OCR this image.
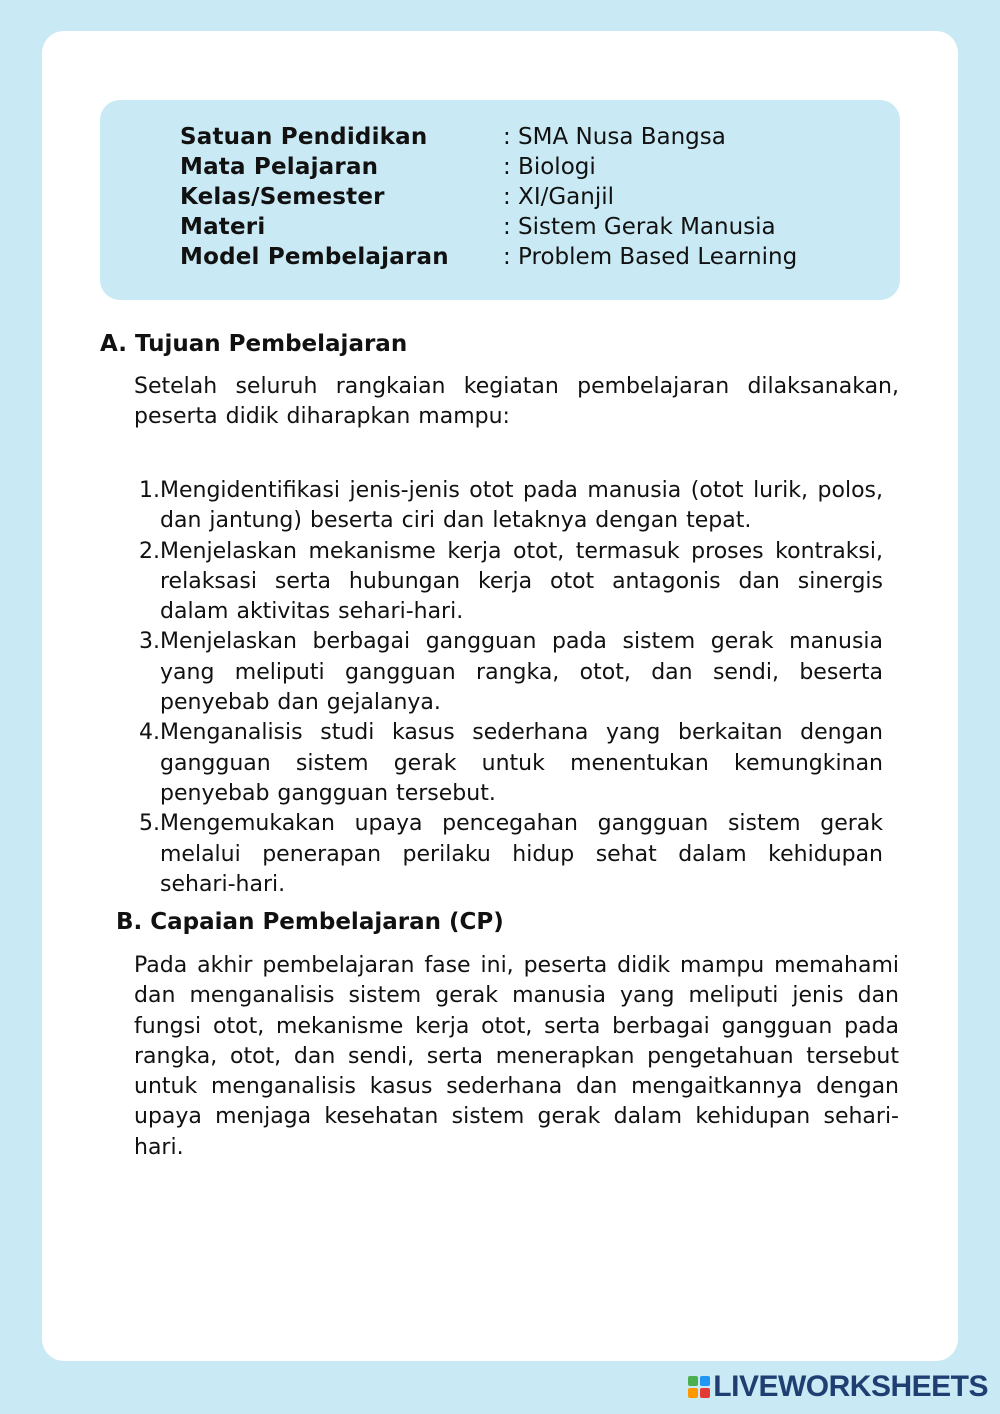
Satuan Pendidikan	: SMA Nusa Bangsa
Mata Pelajaran	: Biologi
Kelas/Semester	: XI/Ganjil
Materi	: Sistem Gerak Manusia
Model Pembelajaran	: Problem Based Learning
A. Tujuan Pembelajaran

Setelah seluruh rangkaian kegiatan pembelajaran dilaksanakan, peserta didik diharapkan mampu:

1. Mengidentifikasi jenis-jenis otot pada manusia (otot lurik, polos, dan jantung) beserta ciri dan letaknya dengan tepat.
2. Menjelaskan mekanisme kerja otot, termasuk proses kontraksi, relaksasi serta hubungan kerja otot antagonis dan sinergis dalam aktivitas sehari-hari.
3. Menjelaskan berbagai gangguan pada sistem gerak manusia yang meliputi gangguan rangka, otot, dan sendi, beserta penyebab dan gejalanya.
4. Menganalisis studi kasus sederhana yang berkaitan dengan gangguan sistem gerak untuk menentukan kemungkinan penyebab gangguan tersebut.
5. Mengemukakan upaya pencegahan gangguan sistem gerak melalui penerapan perilaku hidup sehat dalam kehidupan sehari-hari.
B. Capaian Pembelajaran (CP)

Pada akhir pembelajaran fase ini, peserta didik mampu memahami dan menganalisis sistem gerak manusia yang meliputi jenis dan fungsi otot, mekanisme kerja otot, serta berbagai gangguan pada rangka, otot, dan sendi, serta menerapkan pengetahuan tersebut untuk menganalisis kasus sederhana dan mengaitkannya dengan upaya menjaga kesehatan sistem gerak dalam kehidupan sehari-hari.

LIVEWORKSHEETS
